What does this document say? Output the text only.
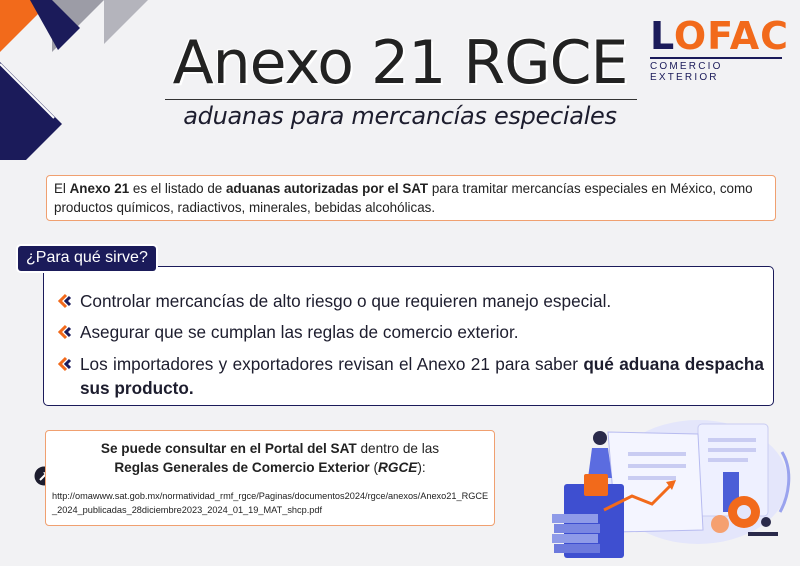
LOFAC
COMERCIO EXTERIOR
Anexo 21 RGCE
aduanas para mercancías especiales
El Anexo 21 es el listado de aduanas autorizadas por el SAT para tramitar mercancías especiales en México, como productos químicos, radiactivos, minerales, bebidas alcohólicas.
¿Para qué sirve?
Controlar mercancías de alto riesgo o que requieren manejo especial.
Asegurar que se cumplan las reglas de comercio exterior.
Los importadores y exportadores revisan el Anexo 21 para saber qué aduana despacha sus producto.
Se puede consultar en el Portal del SAT dentro de las
Reglas Generales de Comercio Exterior (RGCE):
http://omawww.sat.gob.mx/normatividad_rmf_rgce/Paginas/documentos2024/rgce/anexos/Anexo21_RGCE_2024_publicadas_28diciembre2023_2024_01_19_MAT_shcp.pdf
